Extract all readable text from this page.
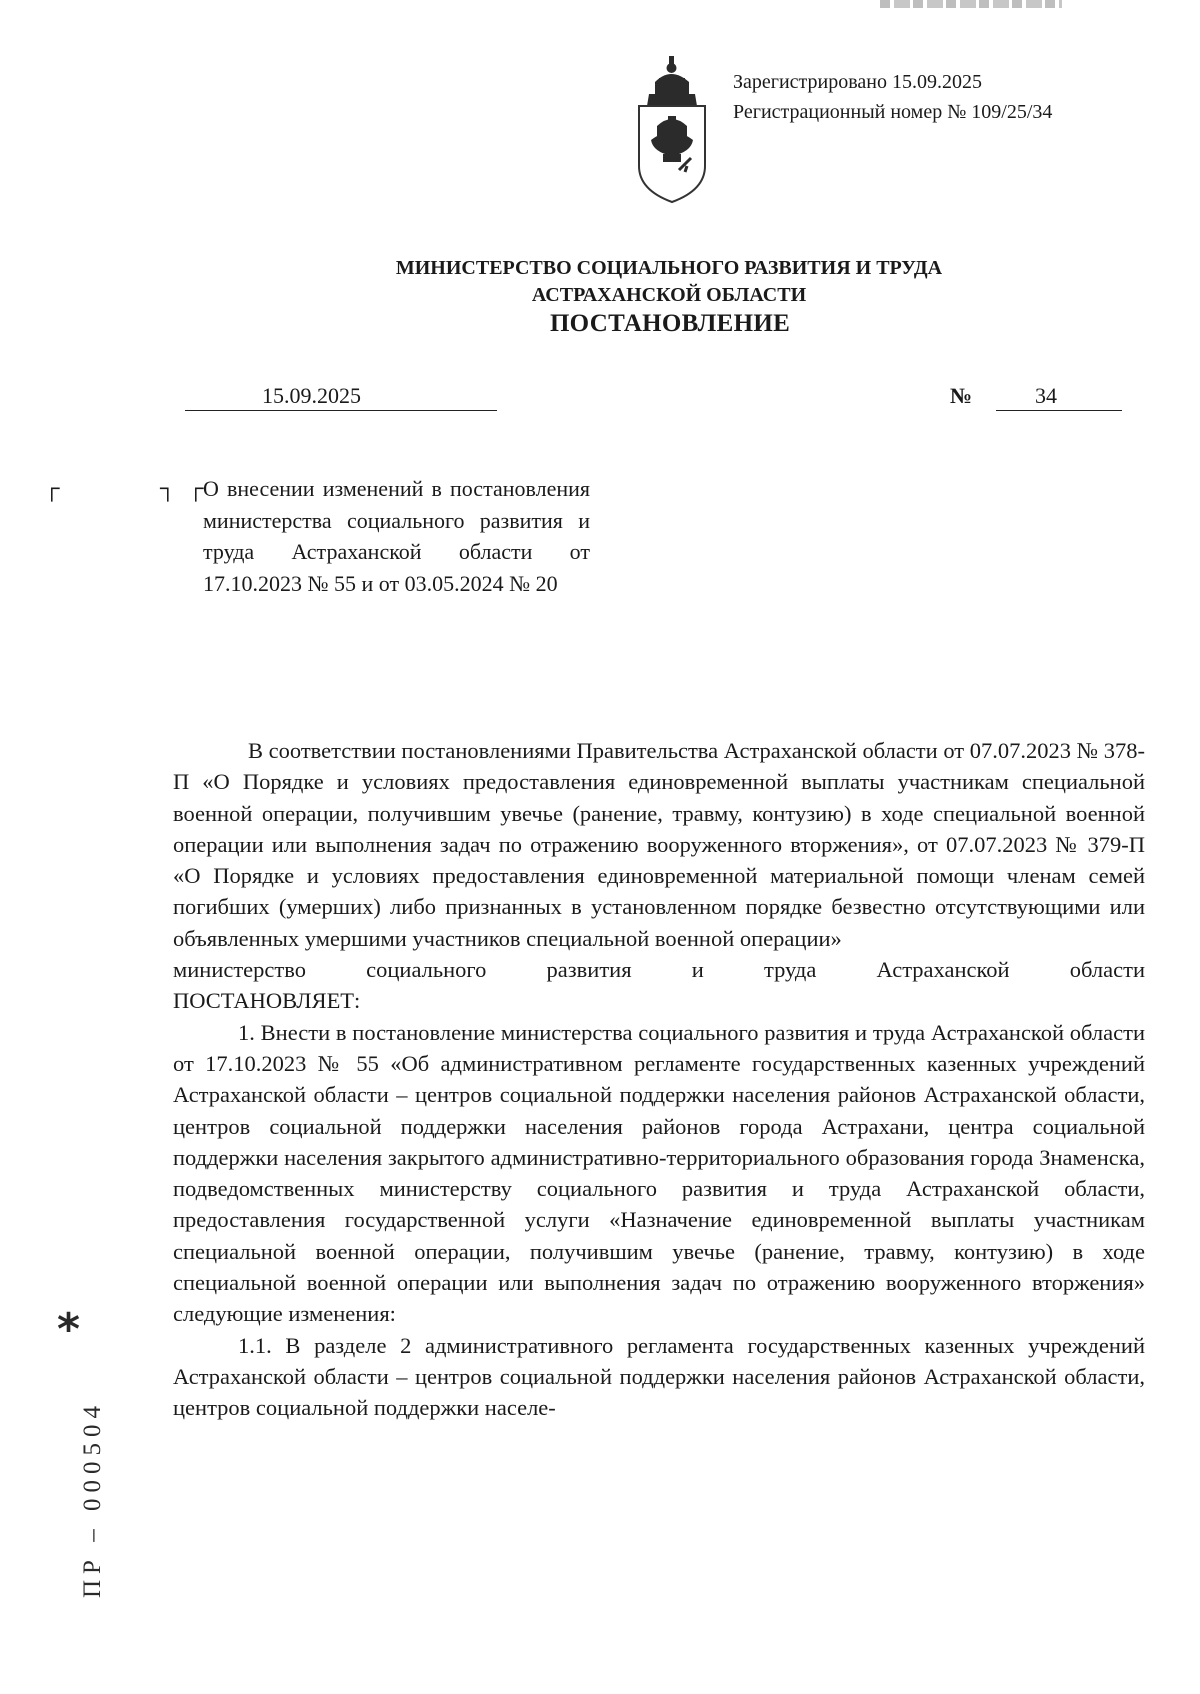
Зарегистрировано 15.09.2025
Регистрационный номер № 109/25/34
МИНИСТЕРСТВО СОЦИАЛЬНОГО РАЗВИТИЯ И ТРУДА
АСТРАХАНСКОЙ ОБЛАСТИ
ПОСТАНОВЛЕНИЕ
15.09.2025	№	34
┌	┐ ┌ О внесении изменений в постановления министерства социального развития и труда Астраханской области от 17.10.2023 № 55 и от 03.05.2024 № 20

В соответствии постановлениями Правительства Астраханской области от 07.07.2023 № 378-П «О Порядке и условиях предоставления единовременной выплаты участникам специальной военной операции, получившим увечье (ранение, травму, контузию) в ходе специальной военной операции или выполнения задач по отражению вооруженного вторжения», от 07.07.2023 № 379-П «О Порядке и условиях предоставления единовременной материальной помощи членам семей погибших (умерших) либо признанных в установленном порядке безвестно отсутствующими или объявленных умершими участников специальной военной операции»

министерство социального развития и труда Астраханской области

ПОСТАНОВЛЯЕТ:

1. Внести в постановление министерства социального развития и труда Астраханской области от 17.10.2023 № 55 «Об административном регламенте государственных казенных учреждений Астраханской области – центров социальной поддержки населения районов Астраханской области, центров социальной поддержки населения районов города Астрахани, центра социальной поддержки населения закрытого административно-территориального образования города Знаменска, подведомственных министерству социального развития и труда Астраханской области, предоставления государственной услуги «Назначение единовременной выплаты участникам специальной военной операции, получившим увечье (ранение, травму, контузию) в ходе специальной военной операции или выполнения задач по отражению вооруженного вторжения» следующие изменения:

1.1. В разделе 2 административного регламента государственных казенных учреждений Астраханской области – центров социальной поддержки населения районов Астраханской области, центров социальной поддержки населе-

*
ПР – 000504
